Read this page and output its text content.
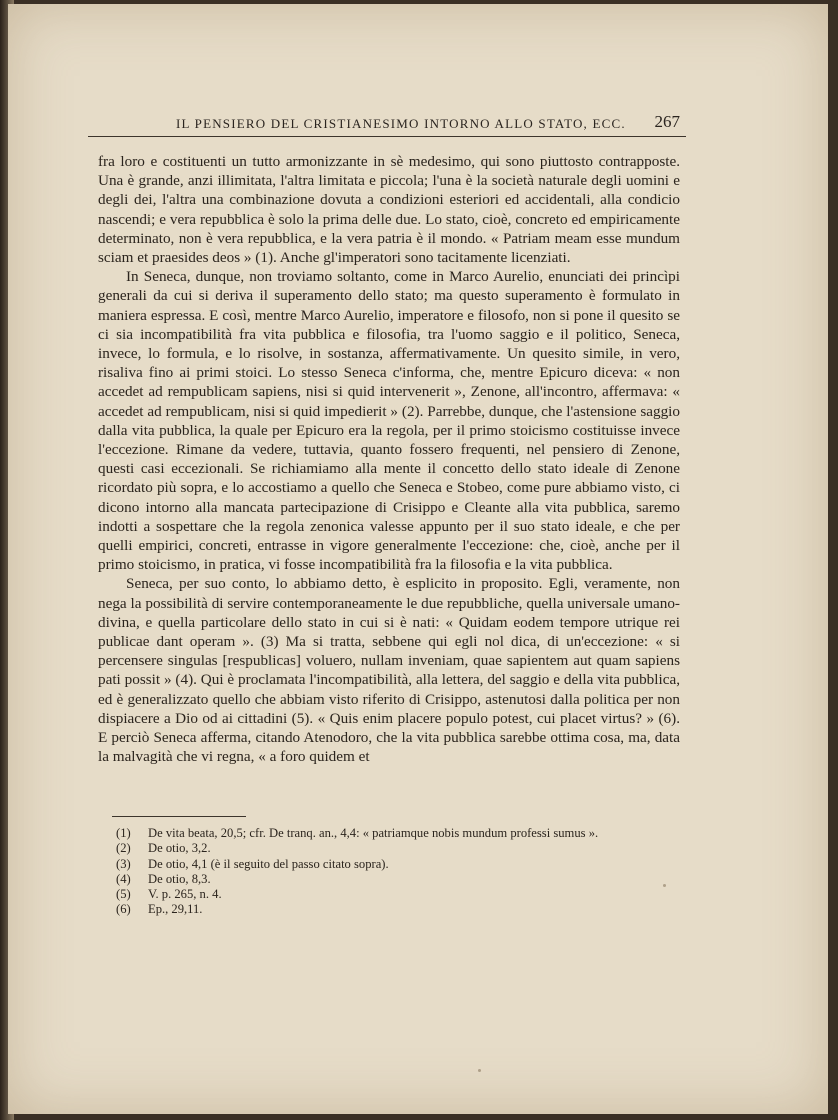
IL PENSIERO DEL CRISTIANESIMO INTORNO ALLO STATO, ECC. 267

fra loro e costituenti un tutto armonizzante in sè medesimo, qui sono piuttosto contrapposte. Una è grande, anzi illimitata, l'altra limitata e piccola; l'una è la società naturale degli uomini e degli dei, l'altra una combinazione dovuta a condizioni esteriori ed accidentali, alla condicio nascendi; e vera repubblica è solo la prima delle due. Lo stato, cioè, concreto ed empiricamente determinato, non è vera repubblica, e la vera patria è il mondo. « Patriam meam esse mundum sciam et praesides deos » (1). Anche gl'imperatori sono tacitamente licenziati.

In Seneca, dunque, non troviamo soltanto, come in Marco Aurelio, enunciati dei princìpi generali da cui si deriva il superamento dello stato; ma questo superamento è formulato in maniera espressa. E così, mentre Marco Aurelio, imperatore e filosofo, non si pone il quesito se ci sia incompatibilità fra vita pubblica e filosofia, tra l'uomo saggio e il politico, Seneca, invece, lo formula, e lo risolve, in sostanza, affermativamente. Un quesito simile, in vero, risaliva fino ai primi stoici. Lo stesso Seneca c'informa, che, mentre Epicuro diceva: « non accedet ad rempublicam sapiens, nisi si quid intervenerit », Zenone, all'incontro, affermava: « accedet ad rempublicam, nisi si quid impedierit » (2). Parrebbe, dunque, che l'astensione saggio dalla vita pubblica, la quale per Epicuro era la regola, per il primo stoicismo costituisse invece l'eccezione. Rimane da vedere, tuttavia, quanto fossero frequenti, nel pensiero di Zenone, questi casi eccezionali. Se richiamiamo alla mente il concetto dello stato ideale di Zenone ricordato più sopra, e lo accostiamo a quello che Seneca e Stobeo, come pure abbiamo visto, ci dicono intorno alla mancata partecipazione di Crisippo e Cleante alla vita pubblica, saremo indotti a sospettare che la regola zenonica valesse appunto per il suo stato ideale, e che per quelli empirici, concreti, entrasse in vigore generalmente l'eccezione: che, cioè, anche per il primo stoicismo, in pratica, vi fosse incompatibilità fra la filosofia e la vita pubblica.

Seneca, per suo conto, lo abbiamo detto, è esplicito in proposito. Egli, veramente, non nega la possibilità di servire contemporaneamente le due repubbliche, quella universale umano-divina, e quella particolare dello stato in cui si è nati: « Quidam eodem tempore utrique rei publicae dant operam ». (3) Ma si tratta, sebbene qui egli nol dica, di un'eccezione: « si percensere singulas [respublicas] voluero, nullam inveniam, quae sapientem aut quam sapiens pati possit » (4). Qui è proclamata l'incompatibilità, alla lettera, del saggio e della vita pubblica, ed è generalizzato quello che abbiam visto riferito di Crisippo, astenutosi dalla politica per non dispiacere a Dio od ai cittadini (5). « Quis enim placere populo potest, cui placet virtus? » (6). E perciò Seneca afferma, citando Atenodoro, che la vita pubblica sarebbe ottima cosa, ma, data la malvagità che vi regna, « a foro quidem et

(1) De vita beata, 20,5; cfr. De tranq. an., 4,4: « patriamque nobis mundum professi sumus ».

(2) De otio, 3,2.

(3) De otio, 4,1 (è il seguito del passo citato sopra).

(4) De otio, 8,3.

(5) V. p. 265, n. 4.

(6) Ep., 29,11.
